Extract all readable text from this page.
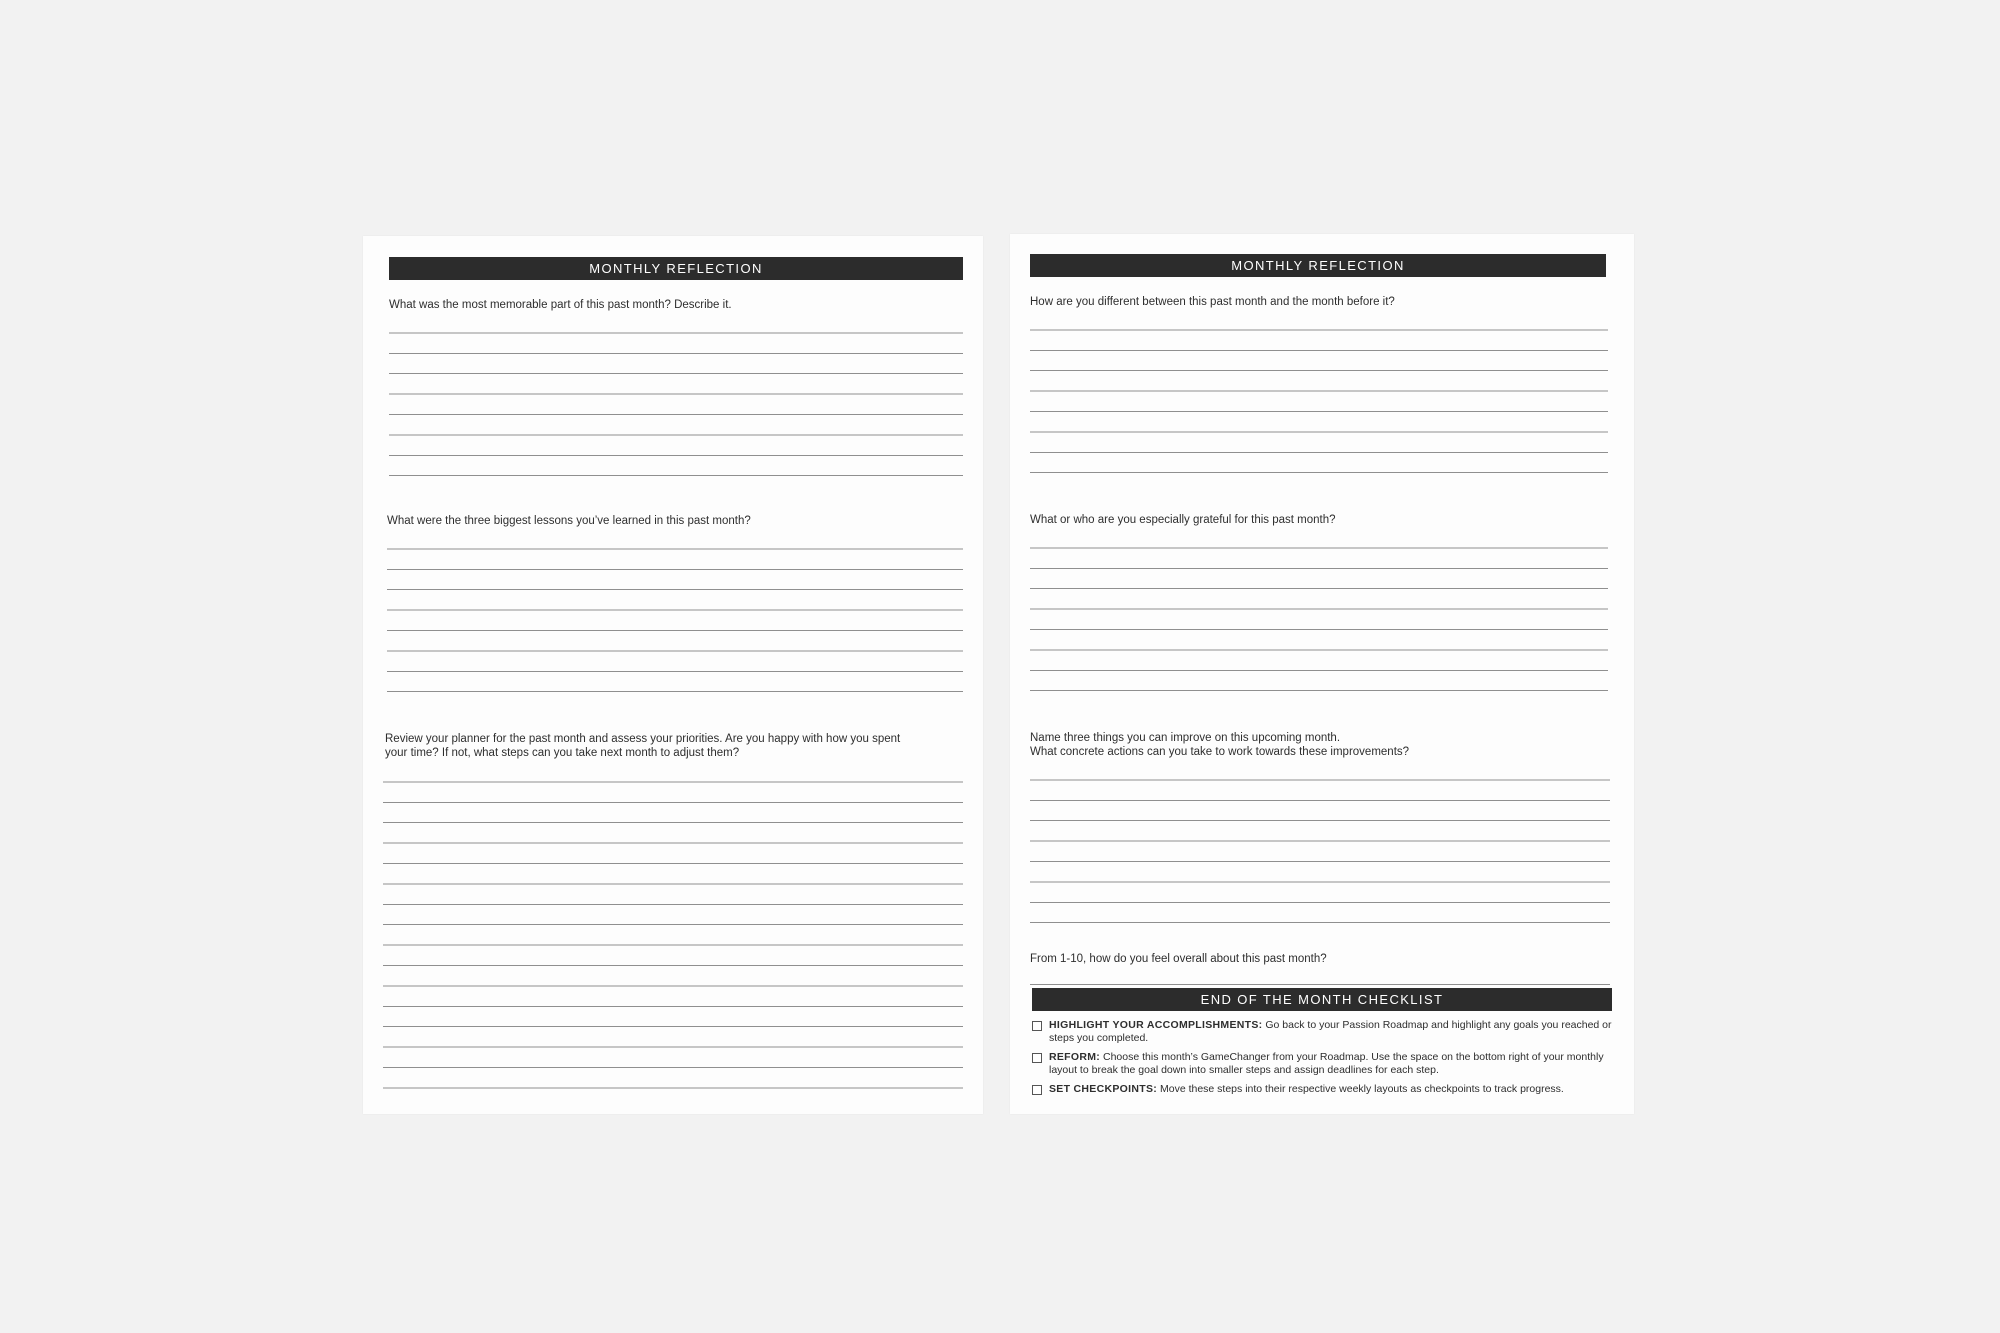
MONTHLY REFLECTION
What was the most memorable part of this past month? Describe it.
What were the three biggest lessons you’ve learned in this past month?
Review your planner for the past month and assess your priorities. Are you happy with how you spent
your time? If not, what steps can you take next month to adjust them?
MONTHLY REFLECTION
How are you different between this past month and the month before it?
What or who are you especially grateful for this past month?
Name three things you can improve on this upcoming month.
What concrete actions can you take to work towards these improvements?
From 1-10, how do you feel overall about this past month?
END OF THE MONTH CHECKLIST
HIGHLIGHT YOUR ACCOMPLISHMENTS: Go back to your Passion Roadmap and highlight any goals you reached or steps you completed.
REFORM: Choose this month’s GameChanger from your Roadmap. Use the space on the bottom right of your monthly layout to break the goal down into smaller steps and assign deadlines for each step.
SET CHECKPOINTS: Move these steps into their respective weekly layouts as checkpoints to track progress.
